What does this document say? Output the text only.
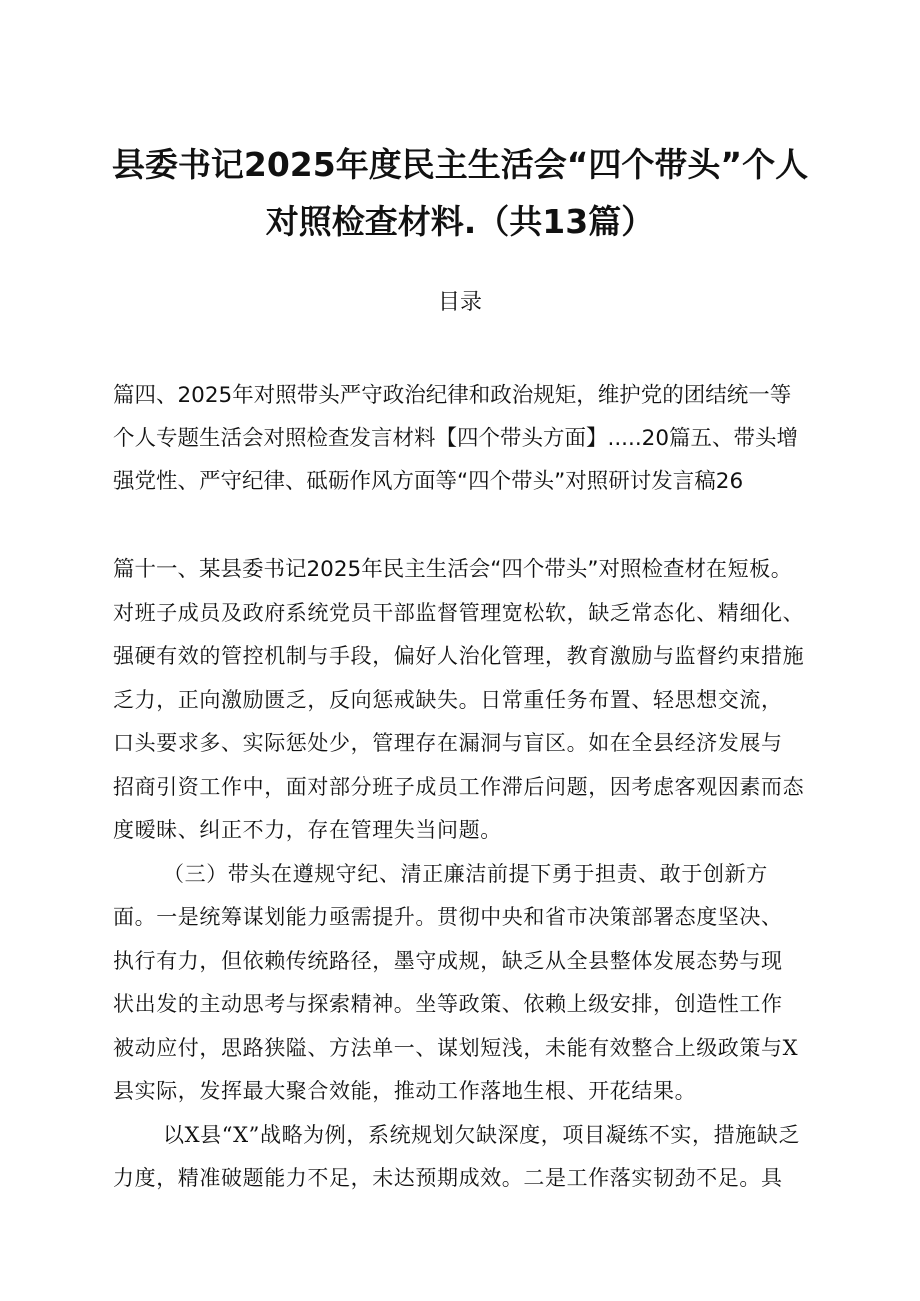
县委书记2025年度民主生活会“四个带头”个人
对照检查材料.（共13篇）
目录
篇四、2025年对照带头严守政治纪律和政治规矩，维护党的团结统一等
个人专题生活会对照检查发言材料【四个带头方面】.....20篇五、带头增
强党性、严守纪律、砥砺作风方面等“四个带头”对照研讨发言稿26
篇十一、某县委书记2025年民主生活会“四个带头”对照检查材在短板。
对班子成员及政府系统党员干部监督管理宽松软，缺乏常态化、精细化、
强硬有效的管控机制与手段，偏好人治化管理，教育激励与监督约束措施
乏力，正向激励匮乏，反向惩戒缺失。日常重任务布置、轻思想交流，
口头要求多、实际惩处少，管理存在漏洞与盲区。如在全县经济发展与
招商引资工作中，面对部分班子成员工作滞后问题，因考虑客观因素而态
度暧昧、纠正不力，存在管理失当问题。
（三）带头在遵规守纪、清正廉洁前提下勇于担责、敢于创新方
面。一是统筹谋划能力亟需提升。贯彻中央和省市决策部署态度坚决、
执行有力，但依赖传统路径，墨守成规，缺乏从全县整体发展态势与现
状出发的主动思考与探索精神。坐等政策、依赖上级安排，创造性工作
被动应付，思路狭隘、方法单一、谋划短浅，未能有效整合上级政策与X
县实际，发挥最大聚合效能，推动工作落地生根、开花结果。
以X县“X”战略为例，系统规划欠缺深度，项目凝练不实，措施缺乏
力度，精准破题能力不足，未达预期成效。二是工作落实韧劲不足。具
